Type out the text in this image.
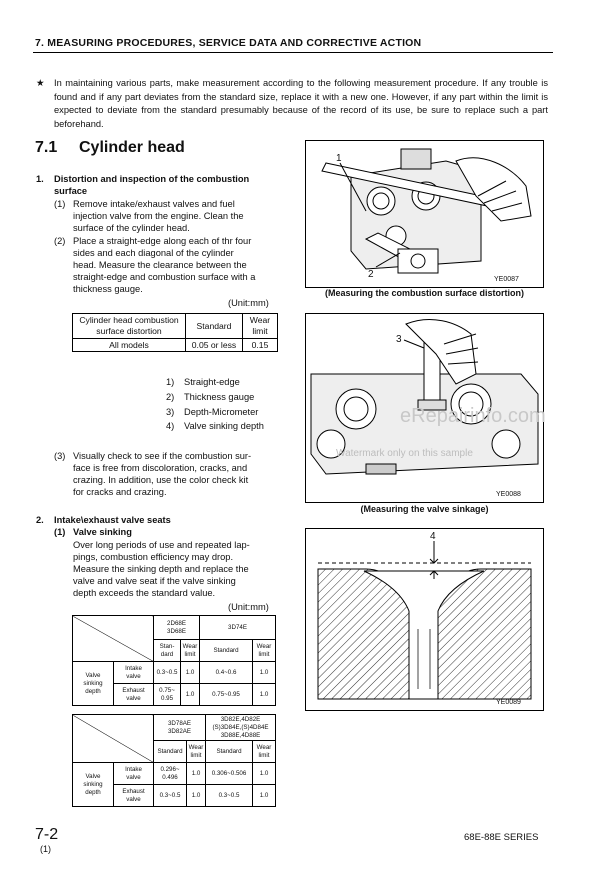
7. MEASURING PROCEDURES, SERVICE DATA AND CORRECTIVE ACTION
★ In maintaining various parts, make measurement according to the following measurement procedure. If any trouble is found and if any part deviates from the standard size, replace it with a new one. However, if any part within the limit is expected to deviate from the standard presumably because of the record of its use, be sure to replace such a part beforehand.
7.1 Cylinder head
1. Distortion and inspection of the combustion
surface
(1) Remove intake/exhaust valves and fuel
injection valve from the engine. Clean the
surface of the cylinder head.
(2) Place a straight-edge along each of thr four
sides and each diagonal of the cylinder
head. Measure the clearance between the
straight-edge and combustion surface with a
thickness gauge.
(Unit:mm)
Cylinder head combustion
surface distortion	Standard	Wear
limit
All models	0.05 or less	0.15
1) Straight-edge
2) Thickness gauge
3) Depth-Micrometer
4) Valve sinking depth
(3) Visually check to see if the combustion sur-
face is free from discoloration, cracks, and
crazing. In addition, use the color check kit
for cracks and crazing.
2. Intake\exhaust valve seats
(1) Valve sinking
Over long periods of use and repeated lap-
pings, combustion efficiency may drop.
Measure the sinking depth and replace the
valve and valve seat if the valve sinking
depth exceeds the standard value.
(Unit:mm)
		2D68E
3D68E		3D74E	
		Stan-
dard	Wear
limit	Standard	Wear
limit
Valve
sinking
depth	Intake
valve	0.3~0.5	1.0	0.4~0.6	1.0
	Exhaust
valve	0.75~
0.95	1.0	0.75~0.95	1.0
		3D78AE
3D82AE		3D82E,4D82E
(S)3D84E,(S)4D84E
3D88E,4D88E	
		Standard	Wear
limit	Standard	Wear
limit
Valve
sinking
depth	Intake
valve	0.296~
0.496	1.0	0.306~0.506	1.0
	Exhaust
valve	0.3~0.5	1.0	0.3~0.5	1.0
1
2	YE0087
(Measuring the combustion surface distortion)
3
YE0088
eRepairinfo.com
Watermark only on this sample
(Measuring the valve sinkage)
4
YE0089
7-2
(1)
68E-88E SERIES
